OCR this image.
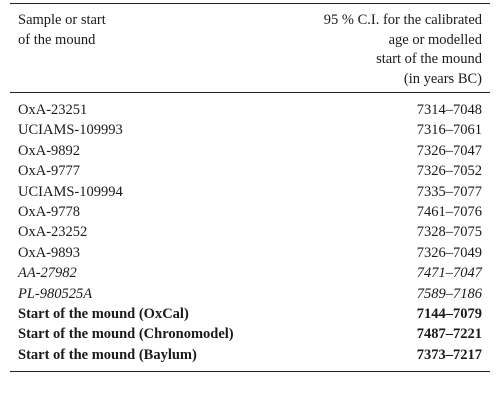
Sample or start
of the mound
95 % C.I. for the calibrated
age or modelled
start of the mound
(in years BC)
OxA-23251	7314–7048
UCIAMS-109993	7316–7061
OxA-9892	7326–7047
OxA-9777	7326–7052
UCIAMS-109994	7335–7077
OxA-9778	7461–7076
OxA-23252	7328–7075
OxA-9893	7326–7049
AA-27982	7471–7047
PL-980525A	7589–7186
Start of the mound (OxCal)	7144–7079
Start of the mound (Chronomodel)	7487–7221
Start of the mound (Baylum)	7373–7217
